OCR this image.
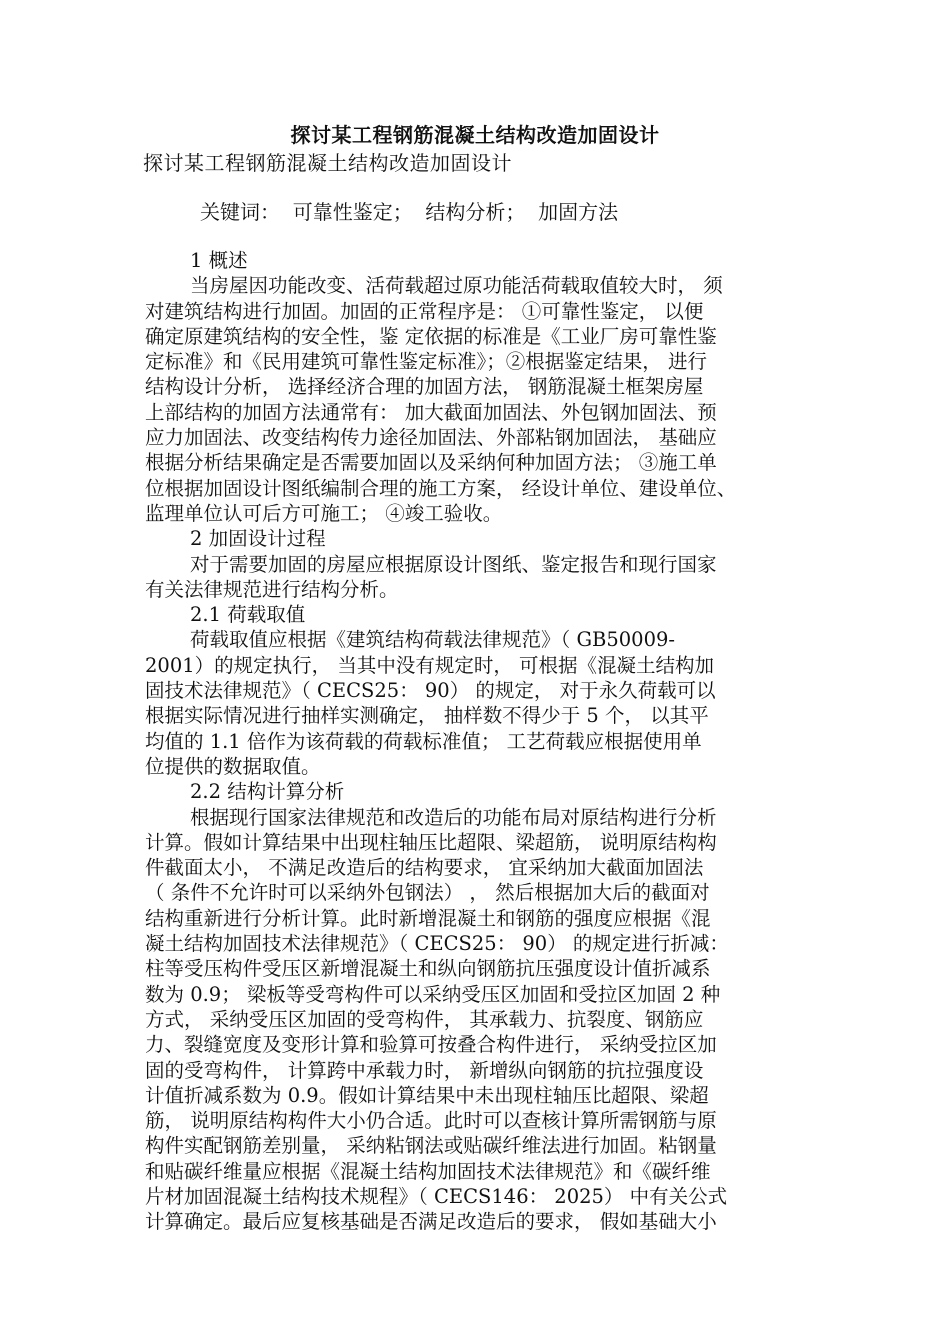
探讨某工程钢筋混凝土结构改造加固设计
探讨某工程钢筋混凝土结构改造加固设计
关键词：  可靠性鉴定；  结构分析；  加固方法

1 概述

当房屋因功能改变、活荷载超过原功能活荷载取值较大时， 须

对建筑结构进行加固。加固的正常程序是： ①可靠性鉴定， 以便

确定原建筑结构的安全性，鉴 定依据的标准是《工业厂房可靠性鉴

定标准》和《民用建筑可靠性鉴定标准》；②根据鉴定结果， 进行

结构设计分析， 选择经济合理的加固方法， 钢筋混凝土框架房屋

上部结构的加固方法通常有： 加大截面加固法、外包钢加固法、预

应力加固法、改变结构传力途径加固法、外部粘钢加固法， 基础应

根据分析结果确定是否需要加固以及采纳何种加固方法； ③施工单

位根据加固设计图纸编制合理的施工方案， 经设计单位、建设单位、

监理单位认可后方可施工； ④竣工验收。

2 加固设计过程

对于需要加固的房屋应根据原设计图纸、鉴定报告和现行国家

有关法律规范进行结构分析。

2.1 荷载取值

荷载取值应根据《建筑结构荷载法律规范》（ GB50009-

2001）的规定执行， 当其中没有规定时， 可根据《混凝土结构加

固技术法律规范》（ CECS25： 90） 的规定， 对于永久荷载可以

根据实际情况进行抽样实测确定， 抽样数不得少于 5 个， 以其平

均值的 1.1 倍作为该荷载的荷载标准值； 工艺荷载应根据使用单

位提供的数据取值。

2.2 结构计算分析

根据现行国家法律规范和改造后的功能布局对原结构进行分析

计算。假如计算结果中出现柱轴压比超限、梁超筋， 说明原结构构

件截面太小， 不满足改造后的结构要求， 宜采纳加大截面加固法

（ 条件不允许时可以采纳外包钢法） ， 然后根据加大后的截面对

结构重新进行分析计算。此时新增混凝土和钢筋的强度应根据《混

凝土结构加固技术法律规范》（ CECS25： 90） 的规定进行折减：

柱等受压构件受压区新增混凝土和纵向钢筋抗压强度设计值折减系

数为 0.9； 梁板等受弯构件可以采纳受压区加固和受拉区加固 2 种

方式， 采纳受压区加固的受弯构件， 其承载力、抗裂度、钢筋应

力、裂缝宽度及变形计算和验算可按叠合构件进行， 采纳受拉区加

固的受弯构件， 计算跨中承载力时， 新增纵向钢筋的抗拉强度设

计值折减系数为 0.9。假如计算结果中未出现柱轴压比超限、梁超

筋， 说明原结构构件大小仍合适。此时可以查核计算所需钢筋与原

构件实配钢筋差别量， 采纳粘钢法或贴碳纤维法进行加固。粘钢量

和贴碳纤维量应根据《混凝土结构加固技术法律规范》和《碳纤维

片材加固混凝土结构技术规程》（ CECS146： 2025） 中有关公式

计算确定。最后应复核基础是否满足改造后的要求， 假如基础大小
